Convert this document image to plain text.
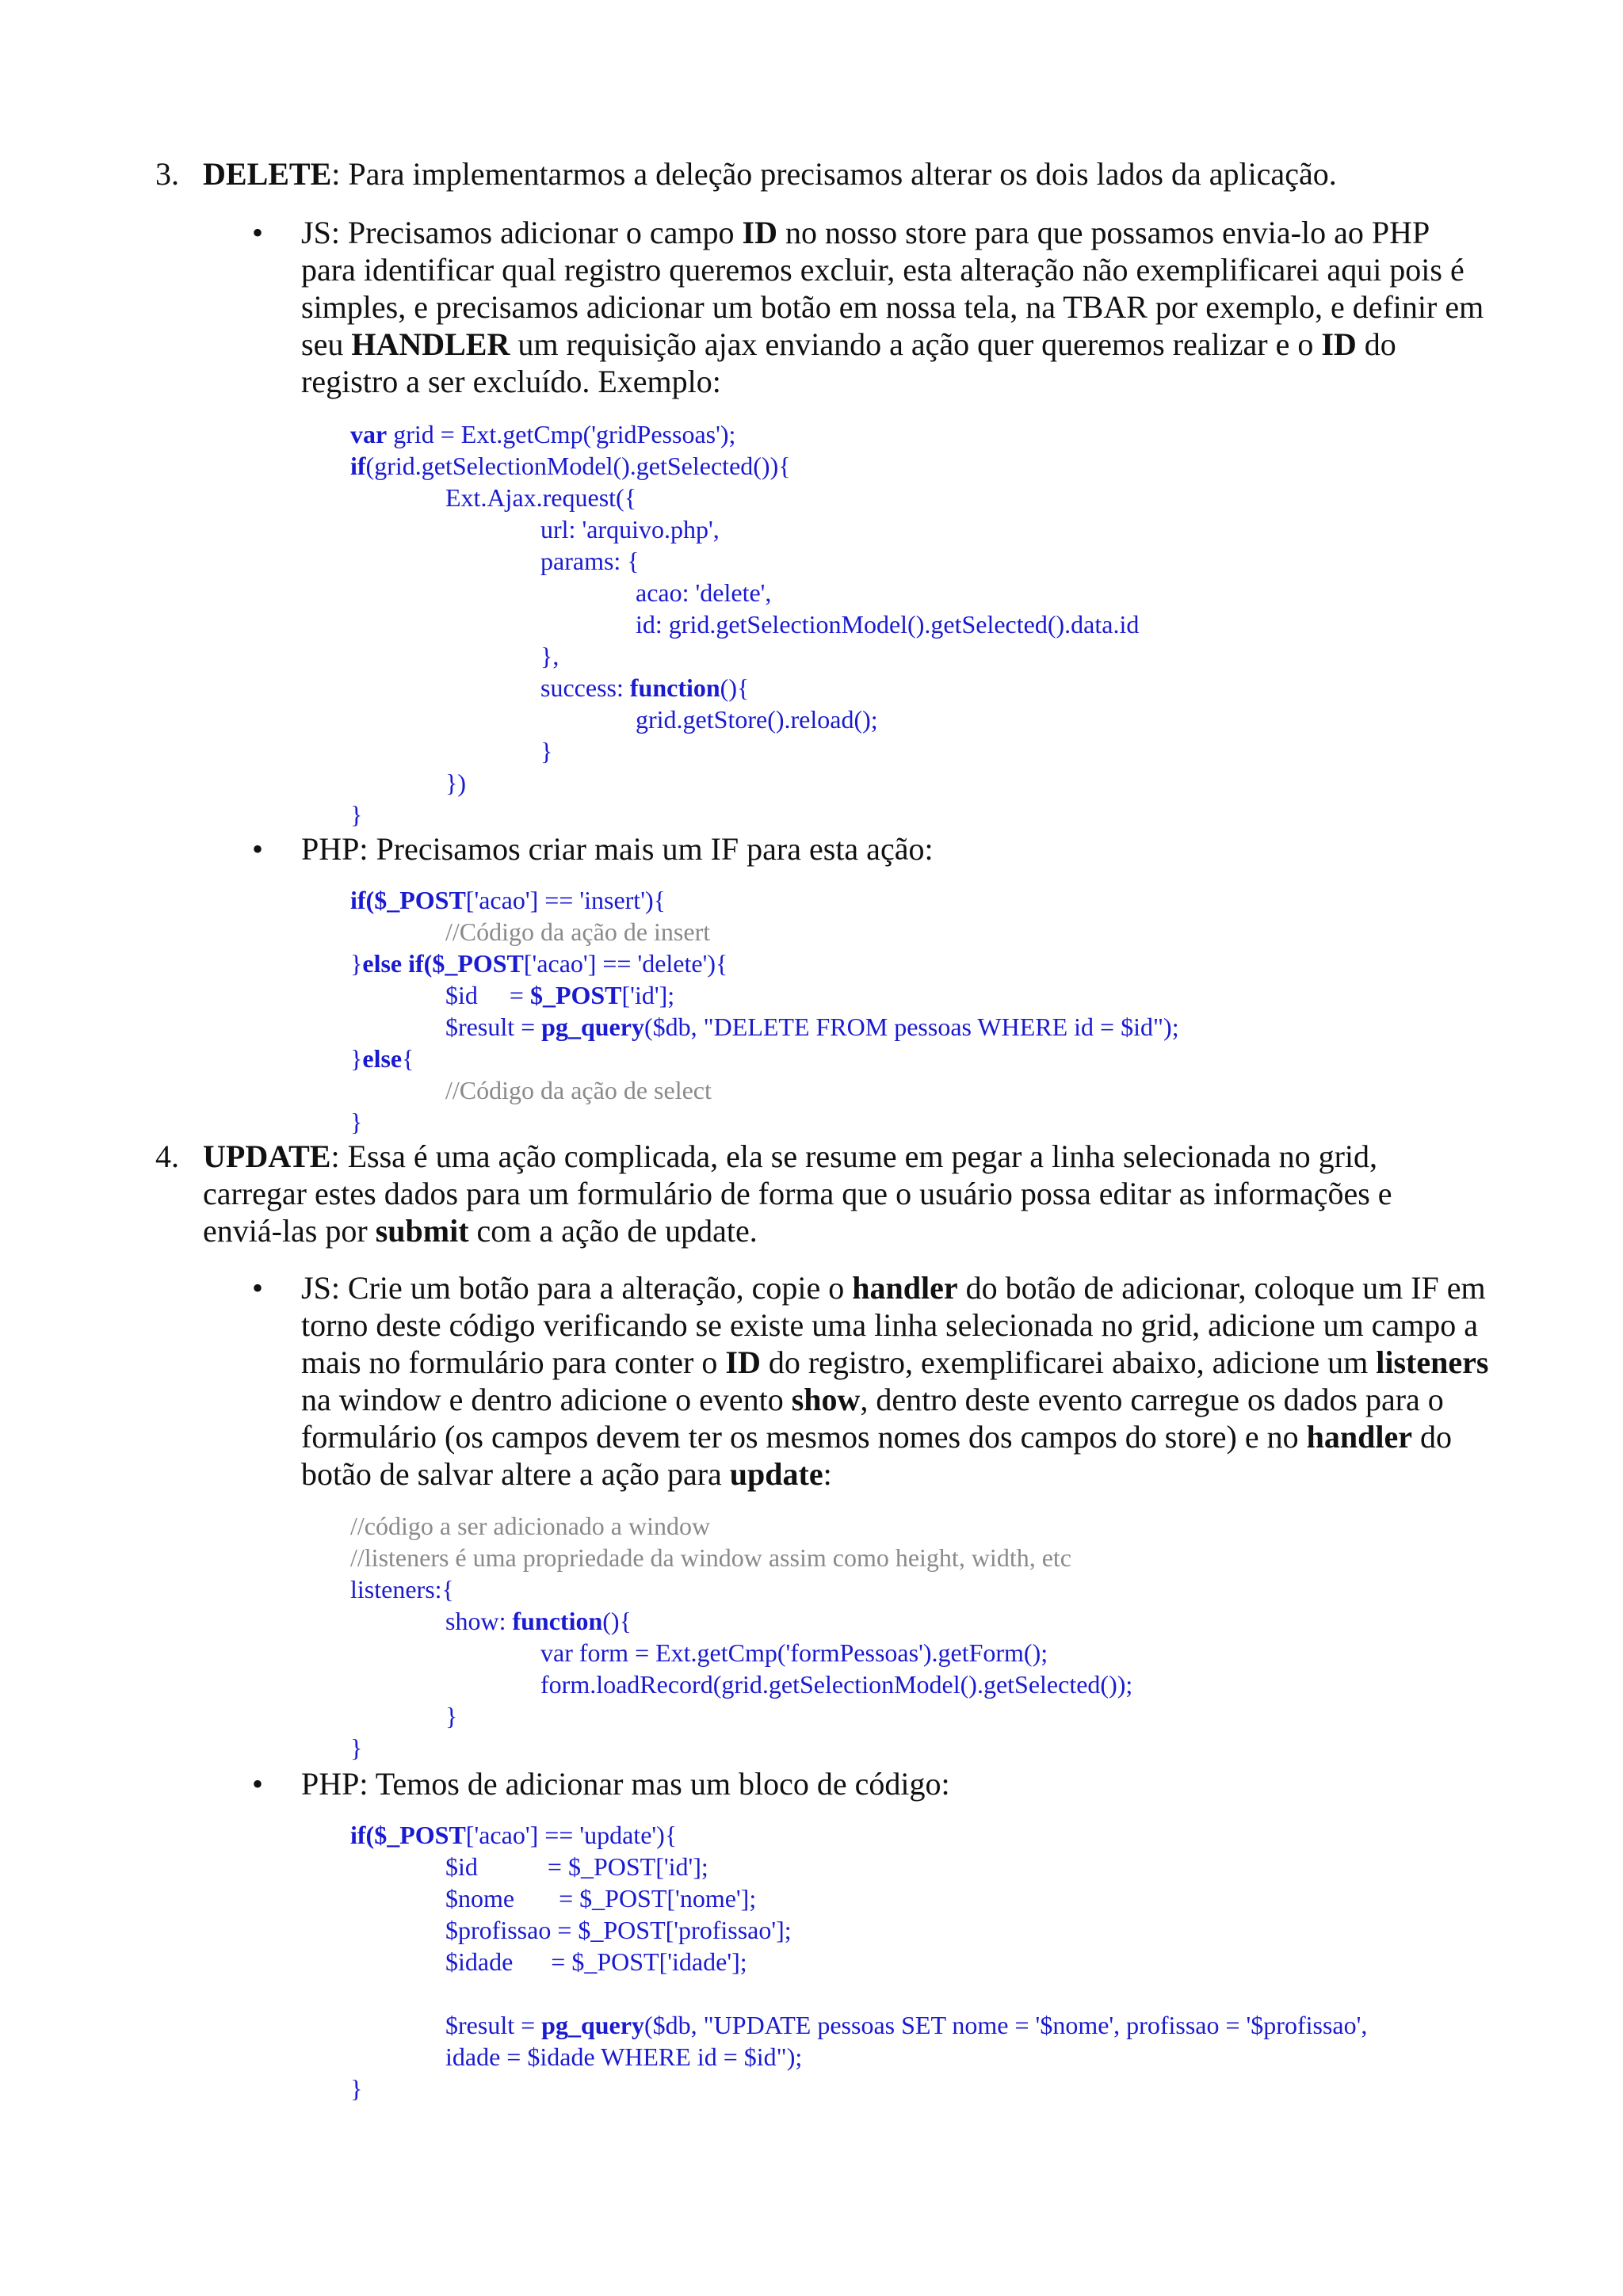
3. DELETE: Para implementarmos a deleção precisamos alterar os dois lados da aplicação.
• JS: Precisamos adicionar o campo ID no nosso store para que possamos envia-lo ao PHP para identificar qual registro queremos excluir, esta alteração não exemplificarei aqui pois é simples, e precisamos adicionar um botão em nossa tela, na TBAR por exemplo, e definir em seu HANDLER um requisição ajax enviando a ação quer queremos realizar e o ID do registro a ser excluído. Exemplo:
var grid = Ext.getCmp('gridPessoas');
if(grid.getSelectionModel().getSelected()){
Ext.Ajax.request({
url: 'arquivo.php',
params: {
acao: 'delete',
id: grid.getSelectionModel().getSelected().data.id
},
success: function(){
grid.getStore().reload();
}
})
}
• PHP: Precisamos criar mais um IF para esta ação:
if($_POST['acao'] == 'insert'){
//Código da ação de insert
}else if($_POST['acao'] == 'delete'){
$id     = $_POST['id'];
$result = pg_query($db, "DELETE FROM pessoas WHERE id = $id");
}else{
//Código da ação de select
}
4. UPDATE: Essa é uma ação complicada, ela se resume em pegar a linha selecionada no grid, carregar estes dados para um formulário de forma que o usuário possa editar as informações e enviá-las por submit com a ação de update.
• JS: Crie um botão para a alteração, copie o handler do botão de adicionar, coloque um IF em torno deste código verificando se existe uma linha selecionada no grid, adicione um campo a mais no formulário para conter o ID do registro, exemplificarei abaixo, adicione um listeners na window e dentro adicione o evento show, dentro deste evento carregue os dados para o formulário (os campos devem ter os mesmos nomes dos campos do store) e no handler do botão de salvar altere a ação para update:
//código a ser adicionado a window
//listeners é uma propriedade da window assim como height, width, etc
listeners:{
show: function(){
var form = Ext.getCmp('formPessoas').getForm();
form.loadRecord(grid.getSelectionModel().getSelected());
}
}
• PHP: Temos de adicionar mas um bloco de código:
if($_POST['acao'] == 'update'){
$id           = $_POST['id'];
$nome       = $_POST['nome'];
$profissao = $_POST['profissao'];
$idade      = $_POST['idade'];
$result = pg_query($db, "UPDATE pessoas SET nome = '$nome', profissao = '$profissao',
idade = $idade WHERE id = $id");
}
